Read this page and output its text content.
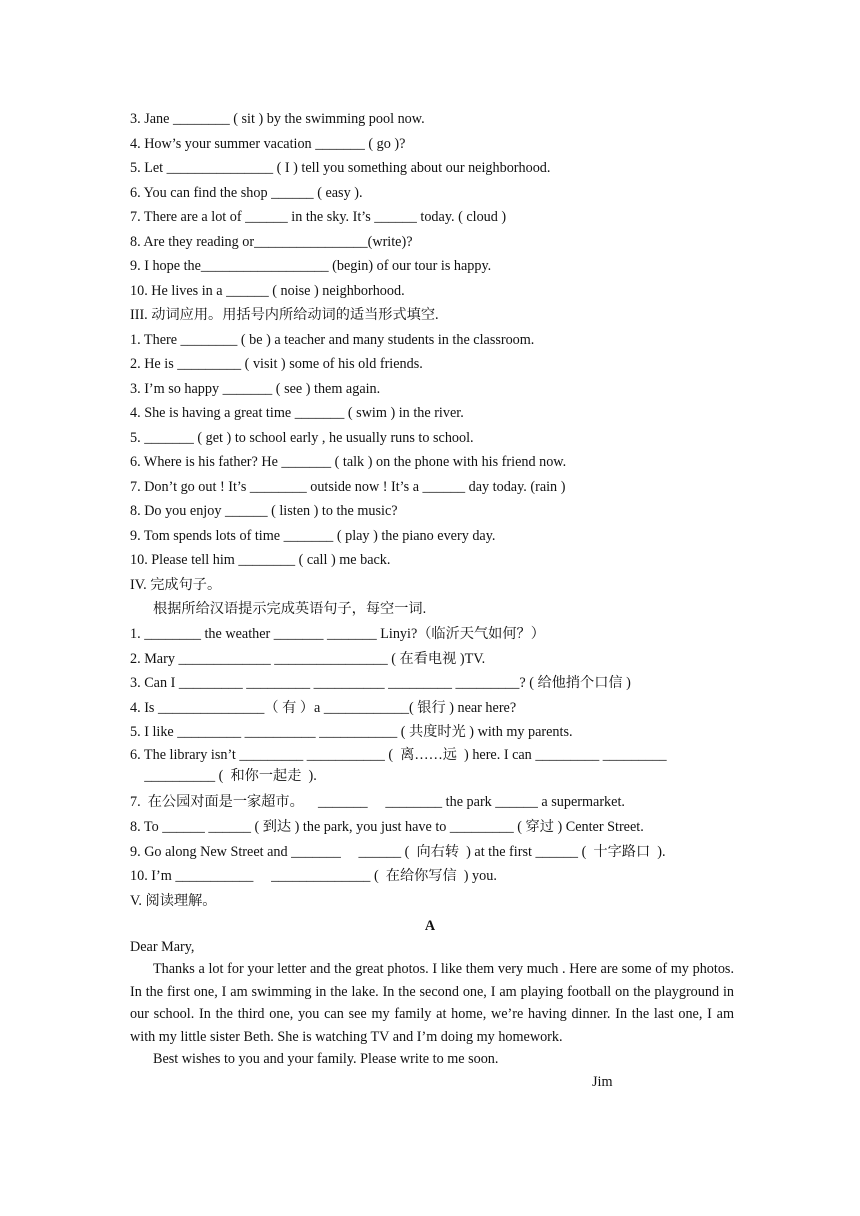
3. Jane ________ ( sit ) by the swimming pool now.
4. How’s your summer vacation _______ ( go )?
5. Let _______________ ( I ) tell you something about our neighborhood.
6. You can find the shop ______ ( easy ).
7. There are a lot of ______ in the sky. It’s ______ today. ( cloud )
8. Are they reading or________________(write)?
9. I hope the__________________ (begin) of our tour is happy.
10. He lives in a ______ ( noise ) neighborhood.
III. 动词应用。用括号内所给动词的适当形式填空.
1. There ________ ( be ) a teacher and many students in the classroom.
2. He is _________ ( visit ) some of his old friends.
3. I’m so happy _______ ( see ) them again.
4. She is having a great time _______ ( swim ) in the river.
5. _______ ( get ) to school early , he usually runs to school.
6. Where is his father? He _______ ( talk ) on the phone with his friend now.
7. Don’t go out ! It’s ________ outside now ! It’s a ______ day today. (rain )
8. Do you enjoy ______ ( listen ) to the music?
9. Tom spends lots of time _______ ( play ) the piano every day.
10. Please tell him ________ ( call ) me back.
IV. 完成句子。
根据所给汉语提示完成英语句子，每空一词.
1. ________ the weather _______ _______ Linyi?（临沂天气如何？）
2. Mary _____________ ________________ ( 在看电视 )TV.
3. Can I _________ _________ __________ _________ _________? ( 给他捎个口信 )
4. Is _______________（ 有 ）a ____________( 银行 ) near here?
5. I like _________ __________ ___________ ( 共度时光 ) with my parents.
6. The library isn’t _________ ___________ (  离……远  ) here. I can _________ _________
__________ (  和你一起走  ).
7.  在公园对面是一家超市。    _______     ________ the park ______ a supermarket.
8. To ______ ______ ( 到达 ) the park, you just have to _________ ( 穿过 ) Center Street.
9. Go along New Street and _______     ______ (  向右转  ) at the first ______ (  十字路口  ).
10. I’m ___________     ______________ (  在给你写信  ) you.
V. 阅读理解。
A
Dear Mary,

Thanks a lot for your letter and the great photos. I like them very much . Here are some of my photos. In the first one, I am swimming in the lake. In the second one, I am playing football on the playground in our school. In the third one, you can see my family at home, we’re having dinner. In the last one, I am with my little sister Beth. She is watching TV and I’m doing my homework.

Best wishes to you and your family. Please write to me soon.

Jim
